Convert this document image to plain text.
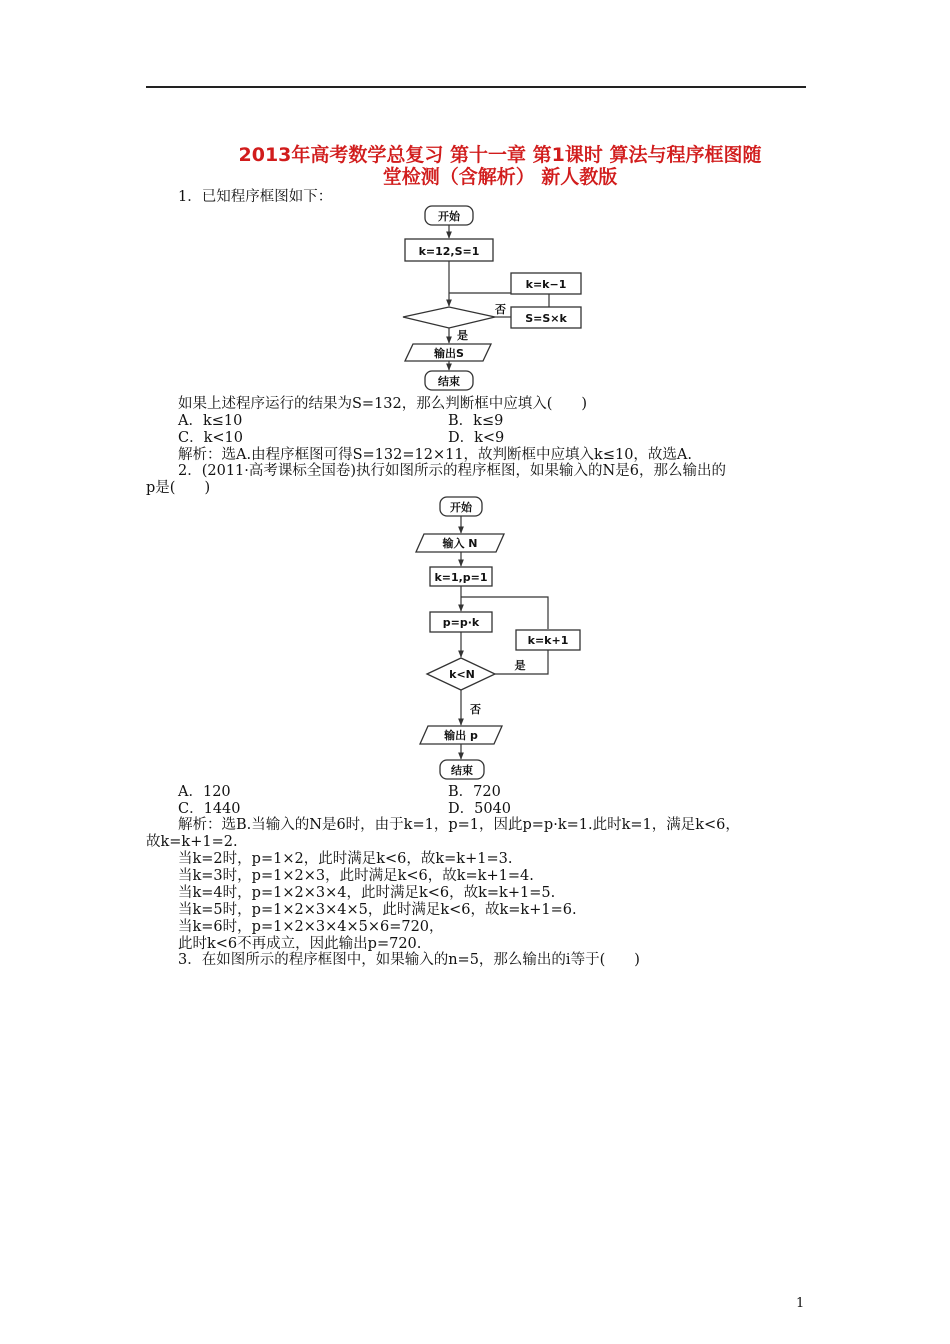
2013年高考数学总复习 第十一章 第1课时 算法与程序框图随
堂检测（含解析） 新人教版
1．已知程序框图如下：
开始
k=12,S=1
k=k−1
否
S=S×k
是
输出S
结束
如果上述程序运行的结果为S=132，那么判断框中应填入(　　)
A．k≤10	B．k≤9
C．k<10	D．k<9
解析：选A.由程序框图可得S=132=12×11，故判断框中应填入k≤10，故选A.
2．(2011·高考课标全国卷)执行如图所示的程序框图，如果输入的N是6，那么输出的
p是(　　)
开始
输入 N
k=1,p=1
p=p·k
k=k+1
k<N
是
否
输出 p
结束
A．120	B．720
C．1440	D．5040
解析：选B.当输入的N是6时，由于k=1，p=1，因此p=p·k=1.此时k=1，满足k<6，
故k=k+1=2.
当k=2时，p=1×2，此时满足k<6，故k=k+1=3.
当k=3时，p=1×2×3，此时满足k<6，故k=k+1=4.
当k=4时，p=1×2×3×4，此时满足k<6，故k=k+1=5.
当k=5时，p=1×2×3×4×5，此时满足k<6，故k=k+1=6.
当k=6时，p=1×2×3×4×5×6=720，
此时k<6不再成立，因此输出p=720.
3．在如图所示的程序框图中，如果输入的n=5，那么输出的i等于(　　)
1
